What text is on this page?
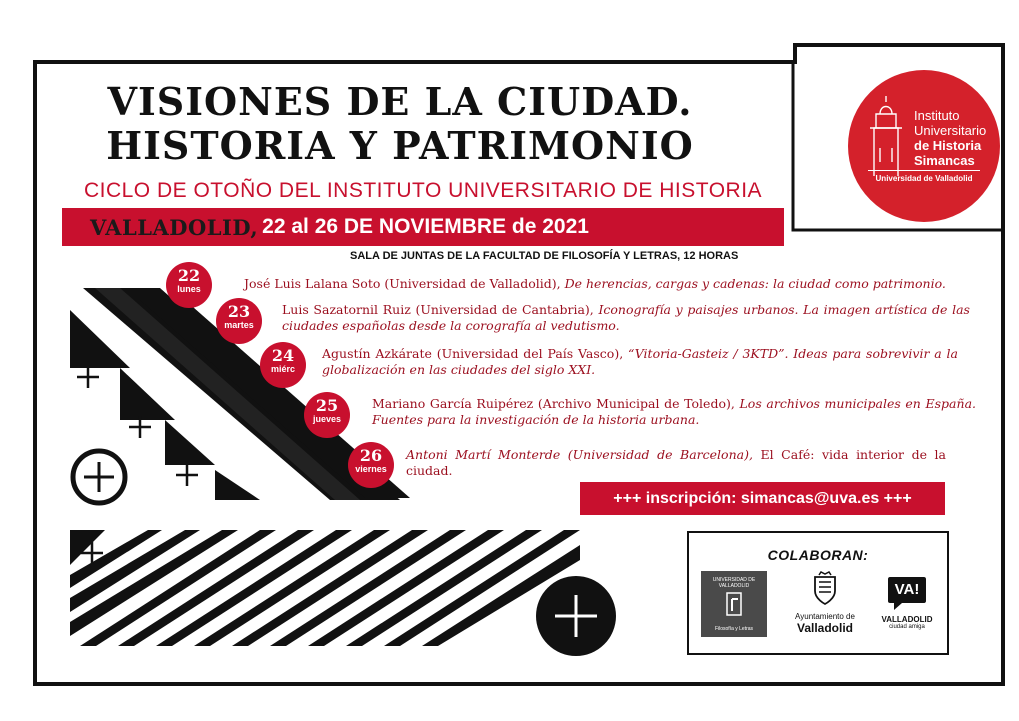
VISIONES DE LA CIUDAD.
HISTORIA Y PATRIMONIO
CICLO DE OTOÑO DEL INSTITUTO UNIVERSITARIO DE HISTORIA
VALLADOLID, 22 al 26 DE NOVIEMBRE de 2021
SALA DE JUNTAS DE LA FACULTAD DE FILOSOFÍA Y LETRAS, 12 HORAS
Instituto
Universitario
de Historia
Simancas
Universidad de Valladolid
22
lunes
23
martes
24
miérc
25
jueves
26
viernes
José Luis Lalana Soto (Universidad de Valladolid), De herencias, cargas y cadenas: la ciudad como patrimonio.
Luis Sazatornil Ruiz (Universidad de Cantabria), Iconografía y paisajes urbanos. La imagen artística de las ciudades españolas desde la corografía al vedutismo.
Agustín Azkárate (Universidad del País Vasco), “Vitoria-Gasteiz / 3KTD”. Ideas para sobrevivir a la globalización en las ciudades del siglo XXI.
Mariano García Ruipérez (Archivo Municipal de Toledo), Los archivos municipales en España. Fuentes para la investigación de la historia urbana.
Antoni Martí Monterde (Universidad de Barcelona), El Café: vida interior de la ciudad.
+++ inscripción: simancas@uva.es +++
COLABORAN:
UNIVERSIDAD DE VALLADOLID
Filosofía y Letras
Ayuntamiento de
Valladolid
VA!
VALLADOLID
ciudad amiga
